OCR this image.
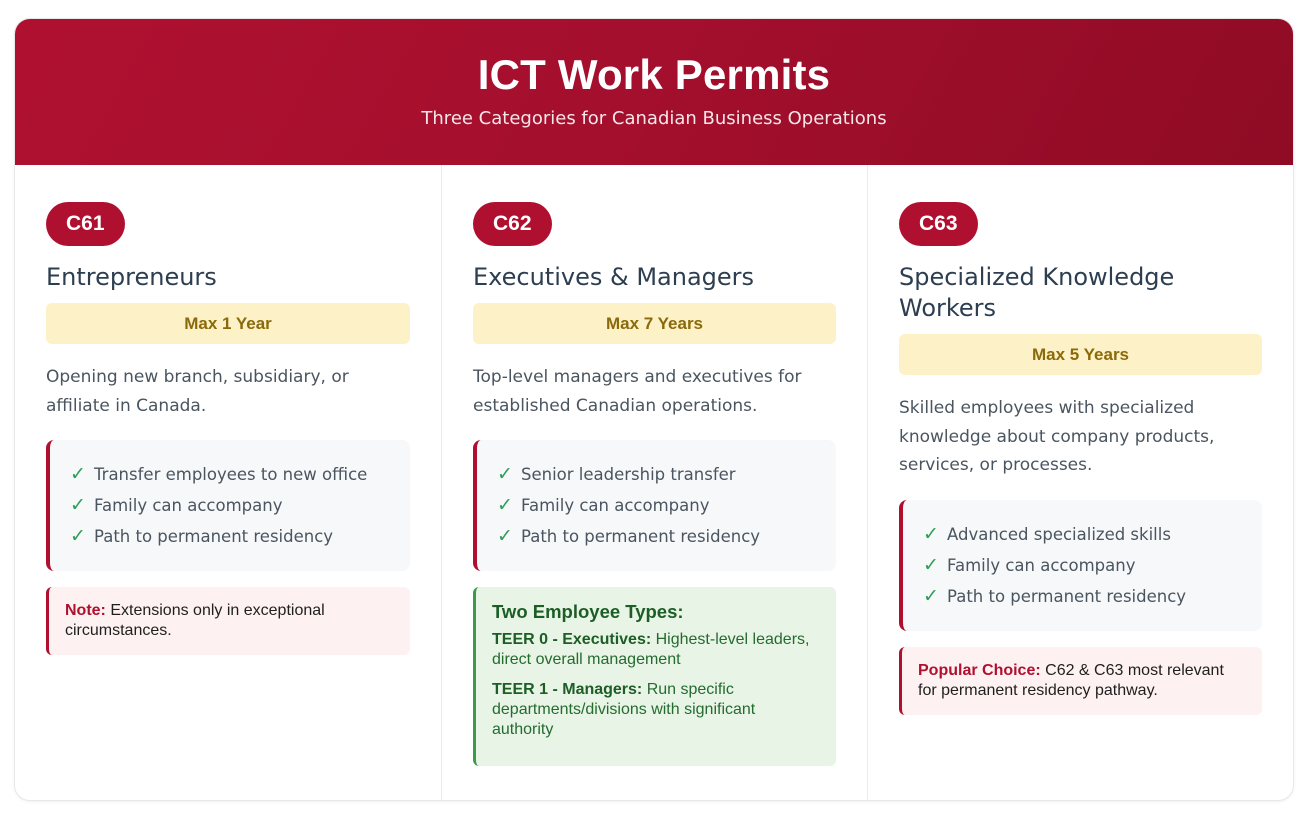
ICT Work Permits

Three Categories for Canadian Business Operations

C61
Entrepreneurs
Max 1 Year
Opening new branch, subsidiary, or affiliate in Canada.
✓ Transfer employees to new office
✓ Family can accompany
✓ Path to permanent residency
Note: Extensions only in exceptional circumstances.
C62
Executives & Managers
Max 7 Years
Top-level managers and executives for established Canadian operations.
✓ Senior leadership transfer
✓ Family can accompany
✓ Path to permanent residency
Two Employee Types:

TEER 0 - Executives: Highest-level leaders, direct overall management

TEER 1 - Managers: Run specific departments/divisions with significant authority

C63
Specialized Knowledge Workers
Max 5 Years
Skilled employees with specialized knowledge about company products, services, or processes.
✓ Advanced specialized skills
✓ Family can accompany
✓ Path to permanent residency
Popular Choice: C62 & C63 most relevant for permanent residency pathway.
